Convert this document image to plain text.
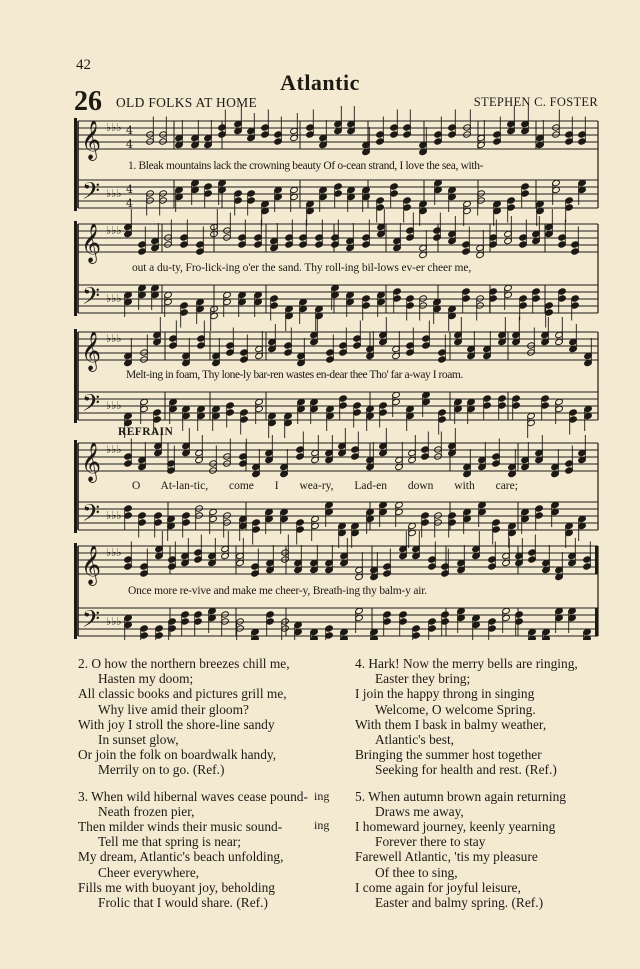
42
Atlantic
26 OLD FOLKS AT HOME	STEPHEN C. FOSTER
𝄞
𝄢
♭♭♭
♭♭♭
4
4
4
4
𝄞
𝄢
♭♭♭
♭♭♭
𝄞
𝄢
♭♭♭
♭♭♭
𝄞
𝄢
♭♭♭
♭♭♭
𝄞
𝄢
♭♭♭
♭♭♭
REFRAIN
1. Bleak mountains lack the crowning beauty Of o-cean strand, I love the sea, with-
out a du-ty, Fro-lick-ing o'er the sand. Thy roll-ing bil-lows ev-er cheer me,
Melt-ing in foam, Thy lone-ly bar-ren wastes en-dear thee Tho' far a-way I roam.
O At-lan-tic, come I wea-ry, Lad-en down with care;
Once more re-vive and make me cheer-y, Breath-ing thy balm-y air.
2. O how the northern breezes chill me,
Hasten my doom;
All classic books and pictures grill me,
Why live amid their gloom?
With joy I stroll the shore-line sandy
In sunset glow,
Or join the folk on boardwalk handy,
Merrily on to go. (Ref.)
3. When wild hibernal waves cease pound-
Neath frozen pier,
Then milder winds their music sound-
Tell me that spring is near;
My dream, Atlantic's beach unfolding,
Cheer everywhere,
Fills me with buoyant joy, beholding
Frolic that I would share. (Ref.)
ing
ing
4. Hark! Now the merry bells are ringing,
Easter they bring;
I join the happy throng in singing
Welcome, O welcome Spring.
With them I bask in balmy weather,
Atlantic's best,
Bringing the summer host together
Seeking for health and rest. (Ref.)
5. When autumn brown again returning
Draws me away,
I homeward journey, keenly yearning
Forever there to stay
Farewell Atlantic, 'tis my pleasure
Of thee to sing,
I come again for joyful leisure,
Easter and balmy spring. (Ref.)
